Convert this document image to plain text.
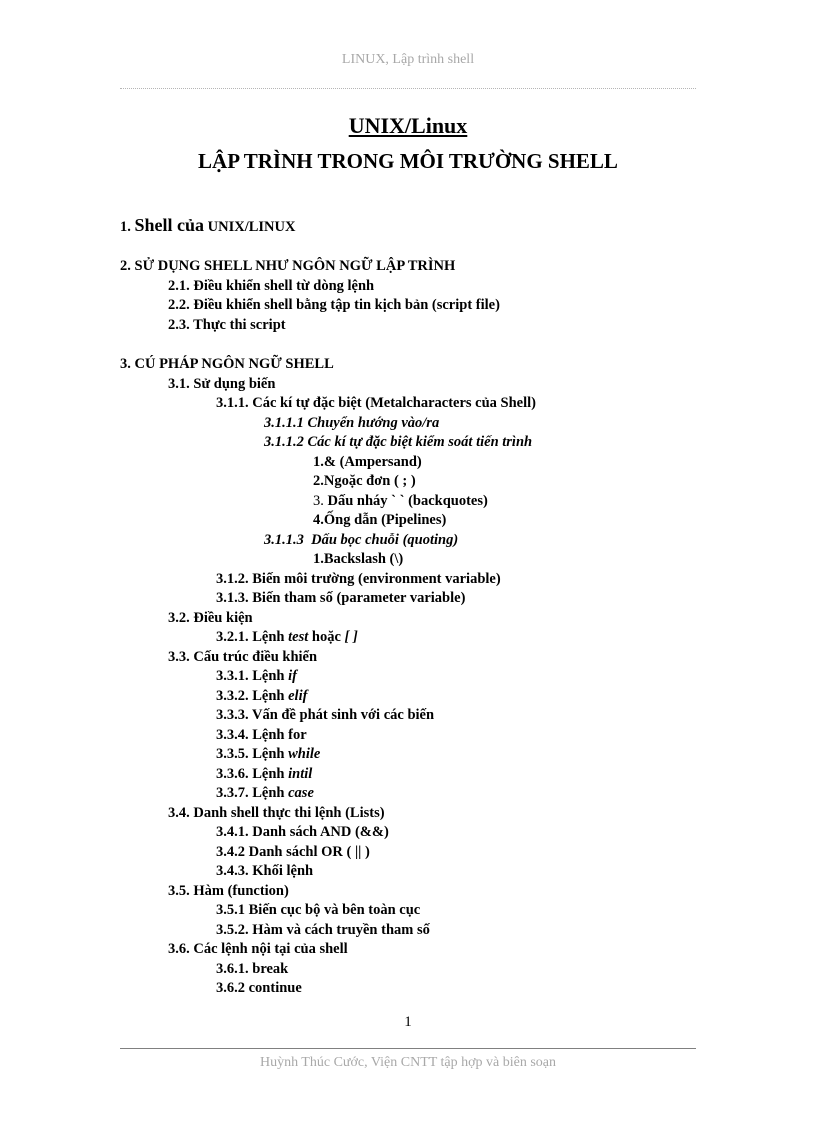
LINUX, Lập trình shell
UNIX/Linux
LẬP TRÌNH TRONG MÔI TRƯỜNG SHELL
1. Shell của UNIX/LINUX
2. SỬ DỤNG SHELL NHƯ NGÔN NGỮ LẬP TRÌNH
2.1. Điều khiển shell từ dòng lệnh
2.2. Điều khiển shell bằng tập tin kịch bản (script file)
2.3. Thực thi script
3. CÚ PHÁP NGÔN NGỮ SHELL
3.1. Sử dụng biến
3.1.1. Các kí tự đặc biệt (Metalcharacters của Shell)
3.1.1.1 Chuyển hướng vào/ra
3.1.1.2 Các kí tự đặc biệt kiểm soát tiến trình
1.& (Ampersand)
2.Ngoặc đơn ( ; )
3. Dấu nháy ` ` (backquotes)
4.Ống dẫn (Pipelines)
3.1.1.3  Dấu bọc chuỗi (quoting)
1.Backslash (\)
3.1.2. Biến môi trường (environment variable)
3.1.3. Biến tham số (parameter variable)
3.2. Điều kiện
3.2.1. Lệnh test hoặc [ ]
3.3. Cấu trúc điều khiển
3.3.1. Lệnh if
3.3.2. Lệnh elif
3.3.3. Vấn đề phát sinh với các biến
3.3.4. Lệnh for
3.3.5. Lệnh while
3.3.6. Lệnh intil
3.3.7. Lệnh case
3.4. Danh shell thực thi lệnh (Lists)
3.4.1. Danh sách AND (&&)
3.4.2 Danh sáchl OR ( || )
3.4.3. Khối lệnh
3.5. Hàm (function)
3.5.1 Biến cục bộ và bên toàn cục
3.5.2. Hàm và cách truyền tham số
3.6. Các lệnh nội tại của shell
3.6.1. break
3.6.2 continue
1
Huỳnh Thúc Cước, Viện CNTT tập hợp và biên soạn
